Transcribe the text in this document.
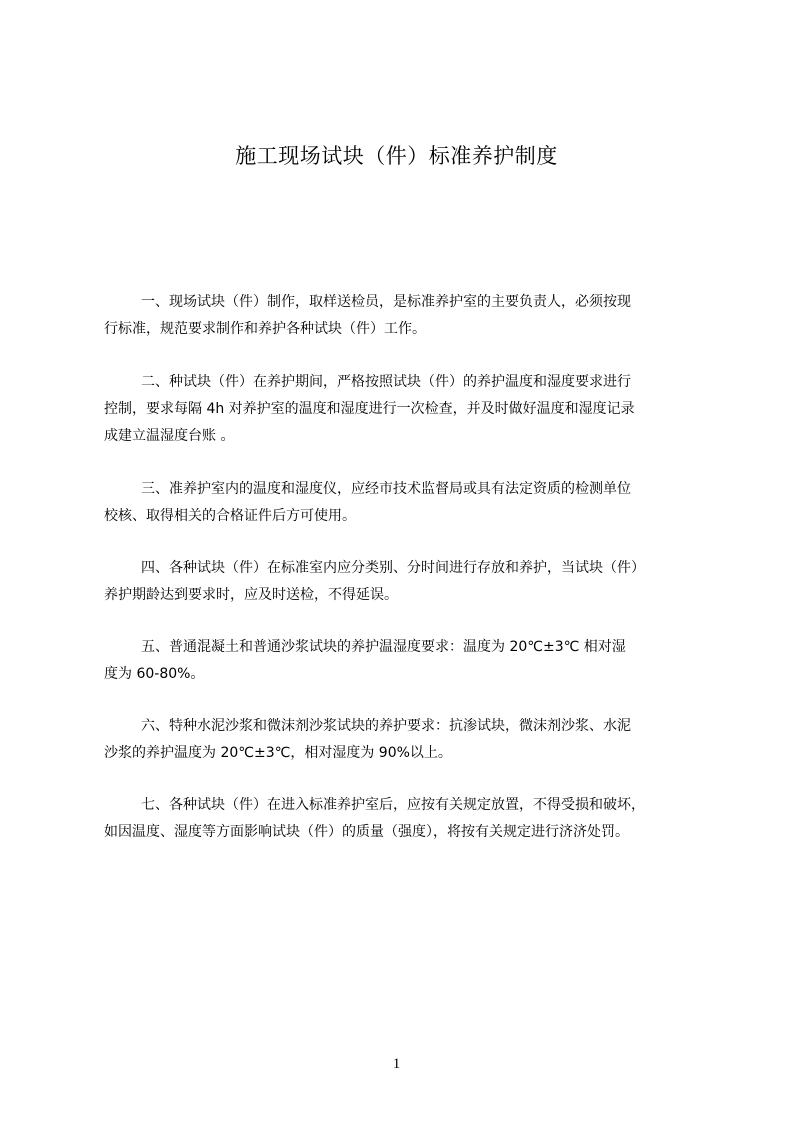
施工现场试块（件）标准养护制度
一、现场试块（件）制作，取样送检员，是标准养护室的主要负责人，必须按现
行标准，规范要求制作和养护各种试块（件）工作。
二、种试块（件）在养护期间，严格按照试块（件）的养护温度和湿度要求进行
控制，要求每隔 4h 对养护室的温度和湿度进行一次检查，并及时做好温度和湿度记录
成建立温湿度台账 。
三、准养护室内的温度和湿度仪，应经市技术监督局或具有法定资质的检测单位
校核、取得相关的合格证件后方可使用。
四、各种试块（件）在标准室内应分类别、分时间进行存放和养护，当试块（件）
养护期龄达到要求时，应及时送检，不得延误。
五、普通混凝土和普通沙浆试块的养护温湿度要求：温度为 20℃±3℃ 相对湿
度为 60-80%。
六、特种水泥沙浆和微沫剂沙浆试块的养护要求：抗渗试块，微沫剂沙浆、水泥
沙浆的养护温度为 20℃±3℃，相对湿度为 90%以上。
七、各种试块（件）在进入标准养护室后，应按有关规定放置，不得受损和破坏，
如因温度、湿度等方面影响试块（件）的质量（强度），将按有关规定进行济济处罚。
1
